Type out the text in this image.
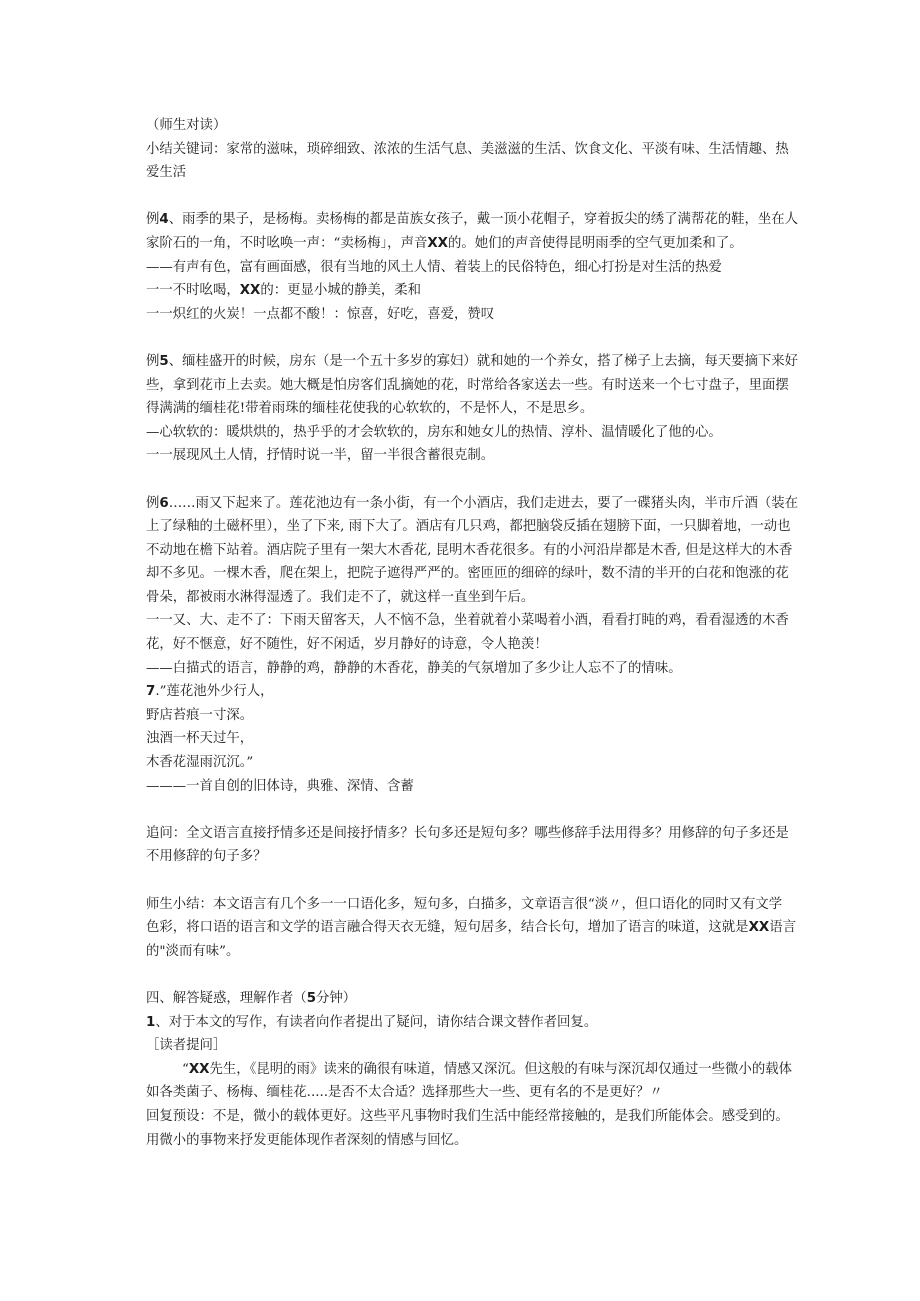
（师生对读）
小结关键词：家常的滋味，琐碎细致、浓浓的生活气息、美滋滋的生活、饮食文化、平淡有味、生活情趣、热
爱生活
例4、雨季的果子，是杨梅。卖杨梅的都是苗族女孩子，戴一顶小花帽子，穿着扳尖的绣了满帮花的鞋，坐在人
家阶石的一角，不时吆唤一声：“卖杨梅」，声音XX的。她们的声音使得昆明雨季的空气更加柔和了。
——有声有色，富有画面感，很有当地的风土人情、着装上的民俗特色，细心打扮是对生活的热爱
一一不时吆喝，XX的：更显小城的静美，柔和
一一炽红的火炭！一点都不酸！：惊喜，好吃，喜爱，赞叹
例5、缅桂盛开的时候，房东（是一个五十多岁的寡妇）就和她的一个养女，搭了梯子上去摘，每天要摘下来好
些，拿到花市上去卖。她大概是怕房客们乱摘她的花，时常给各家送去一些。有时送来一个七寸盘子，里面摆
得满满的缅桂花!带着雨珠的缅桂花使我的心软软的，不是怀人，不是思乡。
—心软软的：暖烘烘的，热乎乎的才会软软的，房东和她女儿的热情、淳朴、温情暖化了他的心。
一一展现风土人情，抒情时说一半，留一半很含蓄很克制。
例6……雨又下起来了。莲花池边有一条小街，有一个小酒店，我们走进去，要了一碟猪头肉，半市斤酒（装在
上了绿釉的土磁杯里），坐了下来, 雨下大了。酒店有几只鸡，都把脑袋反插在翅膀下面，一只脚着地，一动也
不动地在檐下站着。酒店院子里有一架大木香花, 昆明木香花很多。有的小河沿岸都是木香, 但是这样大的木香
却不多见。一棵木香，爬在架上，把院子遮得严严的。密匝匝的细碎的绿叶，数不清的半开的白花和饱涨的花
骨朵，都被雨水淋得湿透了。我们走不了，就这样一直坐到午后。
一一又、大、走不了：下雨天留客天，人不恼不急，坐着就着小菜喝着小酒，看看打盹的鸡，看看湿透的木香
花，好不惬意，好不随性，好不闲适，岁月静好的诗意，令人艳羡！
——白描式的语言，静静的鸡，静静的木香花，静美的气氛增加了多少让人忘不了的情味。
7.”莲花池外少行人，
野店苔痕一寸深。
浊酒一杯天过午，
木香花湿雨沉沉。”
———一首自创的旧体诗，典雅、深情、含蓄
追问：全文语言直接抒情多还是间接抒情多？长句多还是短句多？哪些修辞手法用得多？用修辞的句子多还是
不用修辞的句子多？
师生小结：本文语言有几个多一一口语化多，短句多，白描多，文章语言很“淡〃，但口语化的同时又有文学
色彩，将口语的语言和文学的语言融合得天衣无缝，短句居多，结合长句，增加了语言的味道，这就是XX语言
的"淡而有味”。
四、解答疑惑，理解作者（5分钟）
1、对于本文的写作，有读者向作者提出了疑问，请你结合课文替作者回复。
［读者提问］
“XX先生，《昆明的雨》读来的确很有味道，情感又深沉。但这般的有味与深沉却仅通过一些微小的载体
如各类菌子、杨梅、缅桂花.....是否不太合适？选择那些大一些、更有名的不是更好？〃
回复预设：不是，微小的载体更好。这些平凡事物时我们生活中能经常接触的，是我们所能体会。感受到的。
用微小的事物来抒发更能体现作者深刻的情感与回忆。
